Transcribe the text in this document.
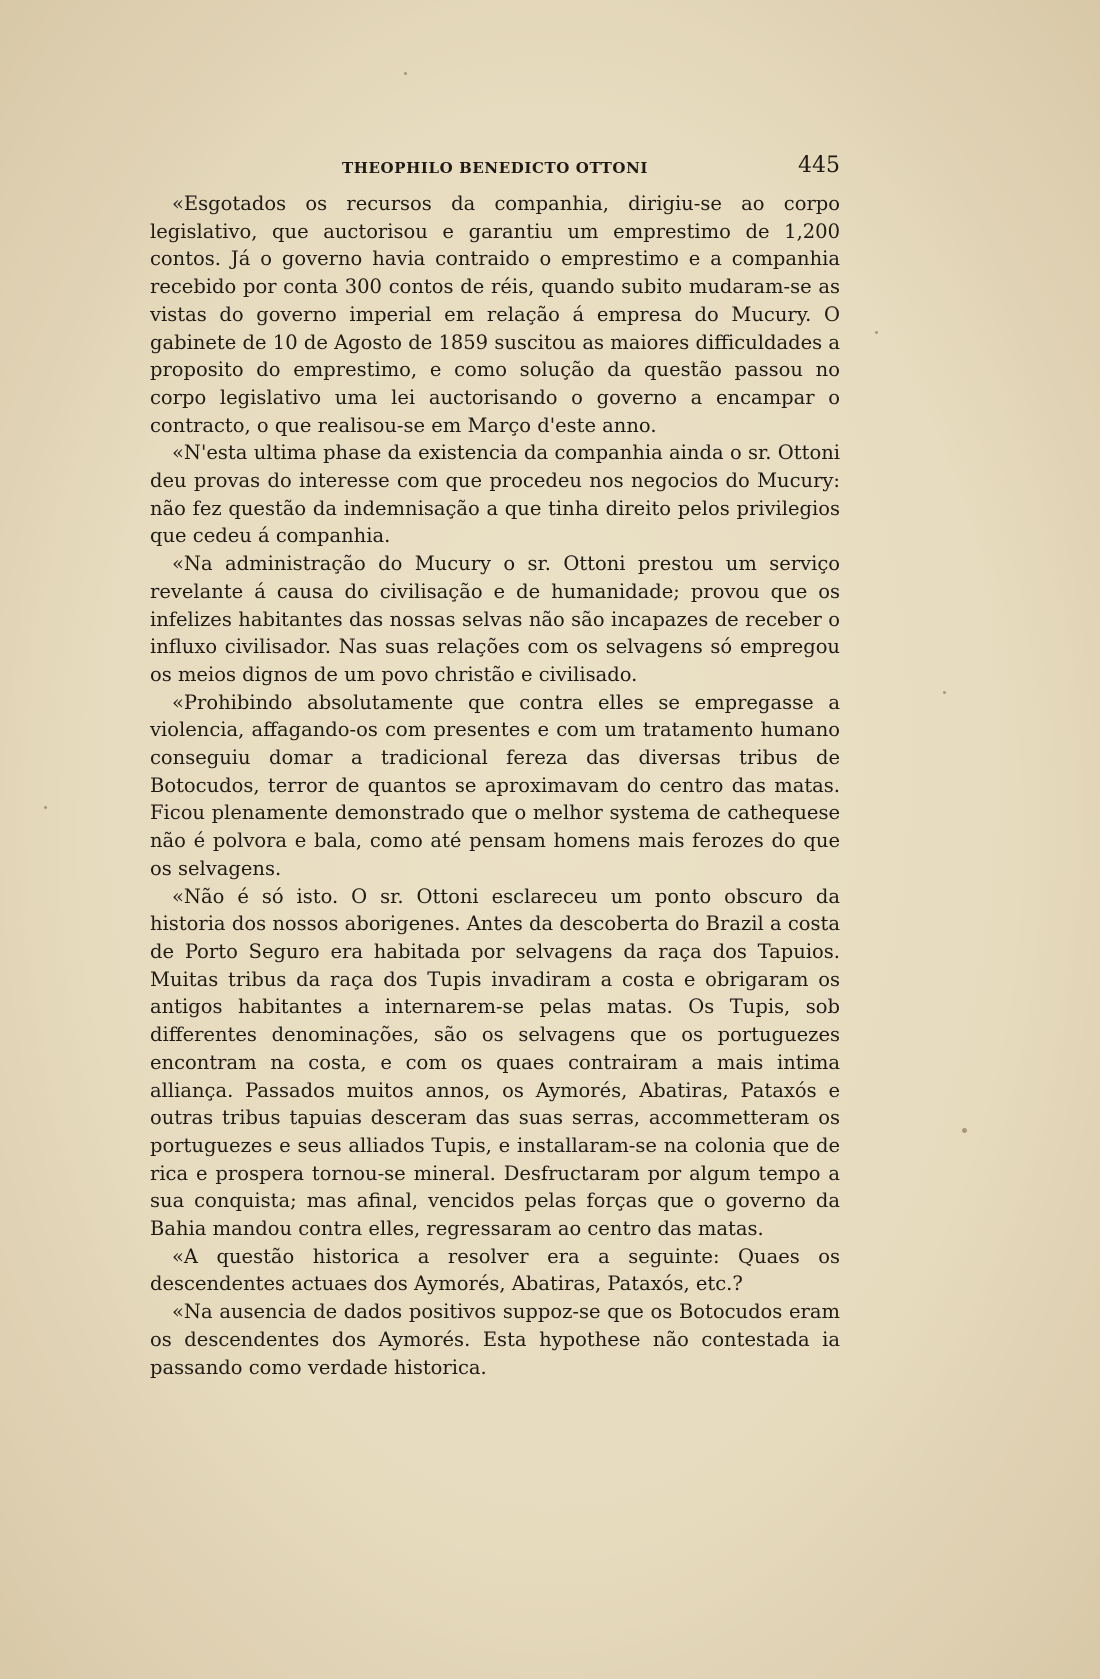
THEOPHILO BENEDICTO OTTONI	445

«Esgotados os recursos da companhia, dirigiu-se ao corpo legislativo, que auctorisou e garantiu um emprestimo de 1,200 contos. Já o governo havia contraido o emprestimo e a companhia recebido por conta 300 contos de réis, quando subito mudaram-se as vistas do governo imperial em relação á empresa do Mucury. O gabinete de 10 de Agosto de 1859 suscitou as maiores difficuldades a proposito do emprestimo, e como solução da questão passou no corpo legislativo uma lei auctorisando o governo a encampar o contracto, o que realisou-se em Março d'este anno.

«N'esta ultima phase da existencia da companhia ainda o sr. Ottoni deu provas do interesse com que procedeu nos negocios do Mucury: não fez questão da indemnisação a que tinha direito pelos privilegios que cedeu á companhia.

«Na administração do Mucury o sr. Ottoni prestou um serviço revelante á causa do civilisação e de humanidade; provou que os infelizes habitantes das nossas selvas não são incapazes de receber o influxo civilisador. Nas suas relações com os selvagens só empregou os meios dignos de um povo christão e civilisado.

«Prohibindo absolutamente que contra elles se empregasse a violencia, affagando-os com presentes e com um tratamento humano conseguiu domar a tradicional fereza das diversas tribus de Botocudos, terror de quantos se aproximavam do centro das matas. Ficou plenamente demonstrado que o melhor systema de cathequese não é polvora e bala, como até pensam homens mais ferozes do que os selvagens.

«Não é só isto. O sr. Ottoni esclareceu um ponto obscuro da historia dos nossos aborigenes. Antes da descoberta do Brazil a costa de Porto Seguro era habitada por selvagens da raça dos Tapuios. Muitas tribus da raça dos Tupis invadiram a costa e obrigaram os antigos habitantes a internarem-se pelas matas. Os Tupis, sob differentes denominações, são os selvagens que os portuguezes encontram na costa, e com os quaes contrairam a mais intima alliança. Passados muitos annos, os Aymorés, Abatiras, Pataxós e outras tribus tapuias desceram das suas serras, accommetteram os portuguezes e seus alliados Tupis, e installaram-se na colonia que de rica e prospera tornou-se mineral. Desfructaram por algum tempo a sua conquista; mas afinal, vencidos pelas forças que o governo da Bahia mandou contra elles, regressaram ao centro das matas.

«A questão historica a resolver era a seguinte: Quaes os descendentes actuaes dos Aymorés, Abatiras, Pataxós, etc.?

«Na ausencia de dados positivos suppoz-se que os Botocudos eram os descendentes dos Aymorés. Esta hypothese não contestada ia passando como verdade historica.
